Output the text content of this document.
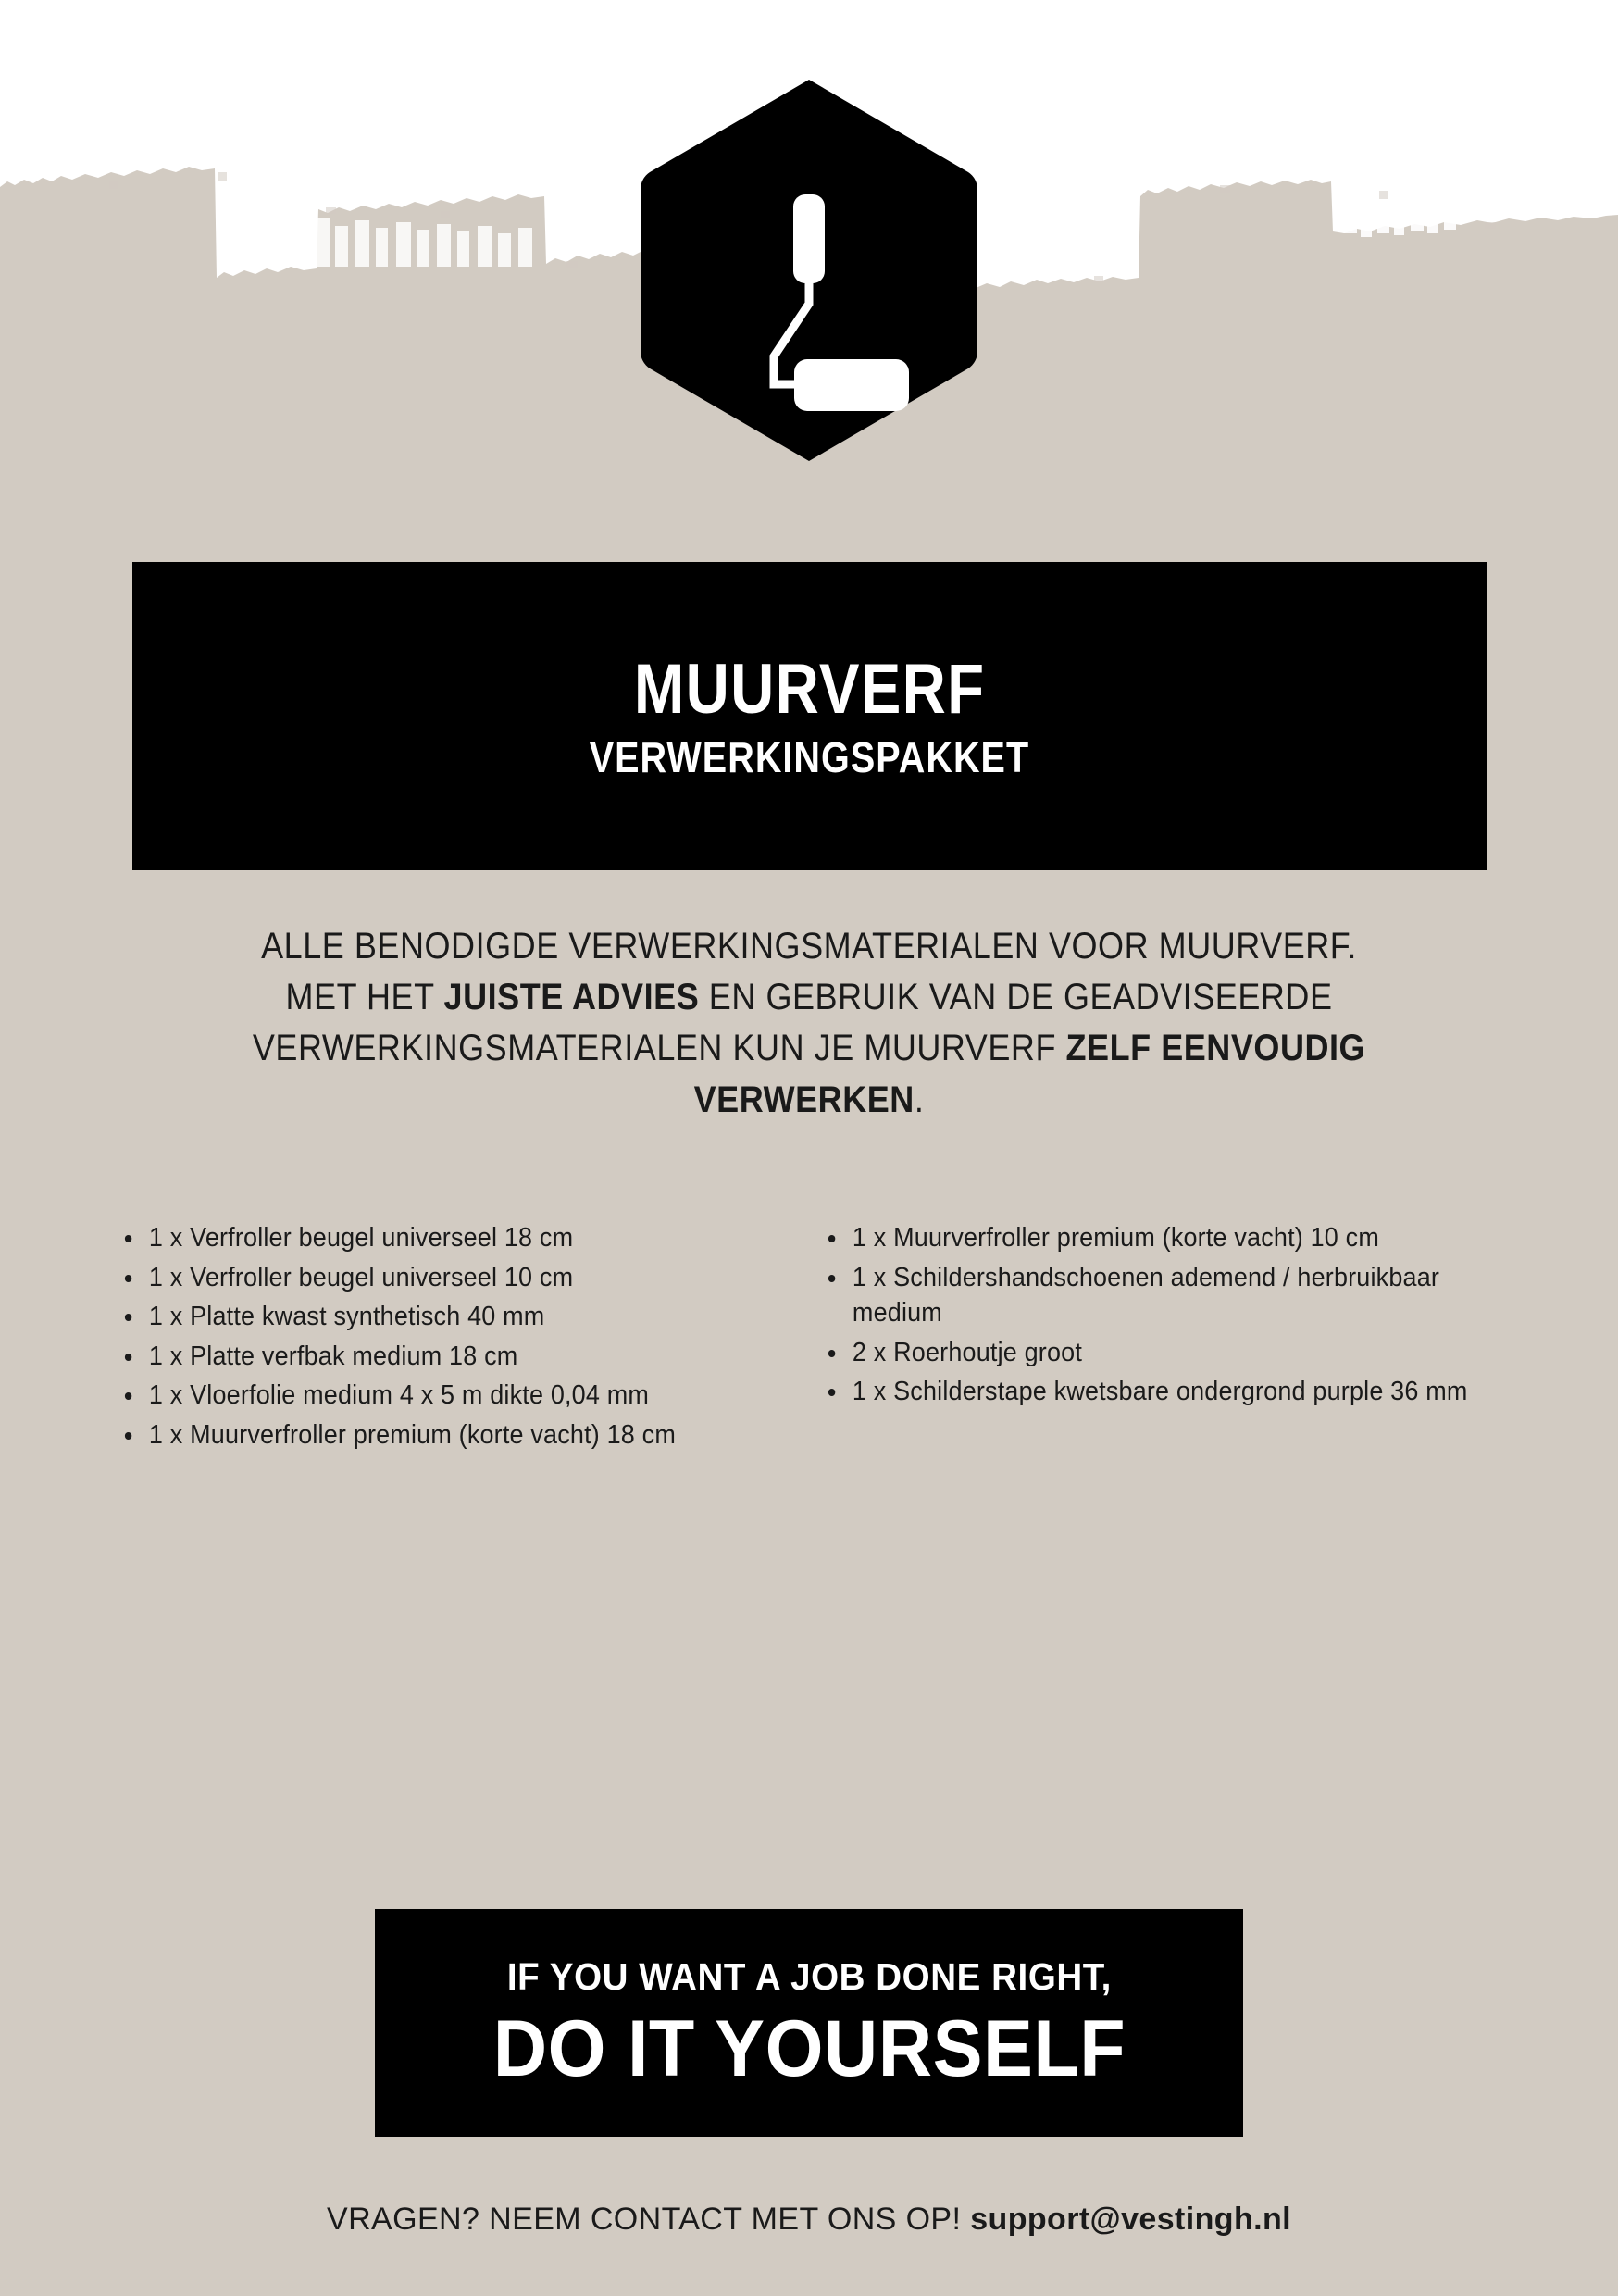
MUURVERF
VERWERKINGSPAKKET
ALLE BENODIGDE VERWERKINGSMATERIALEN VOOR MUURVERF.
MET HET JUISTE ADVIES EN GEBRUIK VAN DE GEADVISEERDE
VERWERKINGSMATERIALEN KUN JE MUURVERF ZELF EENVOUDIG
VERWERKEN.
1 x Verfroller beugel universeel 18 cm
1 x Verfroller beugel universeel 10 cm
1 x Platte kwast synthetisch 40 mm
1 x Platte verfbak medium 18 cm
1 x Vloerfolie medium 4 x 5 m dikte 0,04 mm
1 x Muurverfroller premium (korte vacht) 18 cm
1 x Muurverfroller premium (korte vacht) 10 cm
1 x Schildershandschoenen ademend / herbruikbaar medium
2 x Roerhoutje groot
1 x Schilderstape kwetsbare ondergrond purple 36 mm
IF YOU WANT A JOB DONE RIGHT,
DO IT YOURSELF
VRAGEN? NEEM CONTACT MET ONS OP! support@vestingh.nl
